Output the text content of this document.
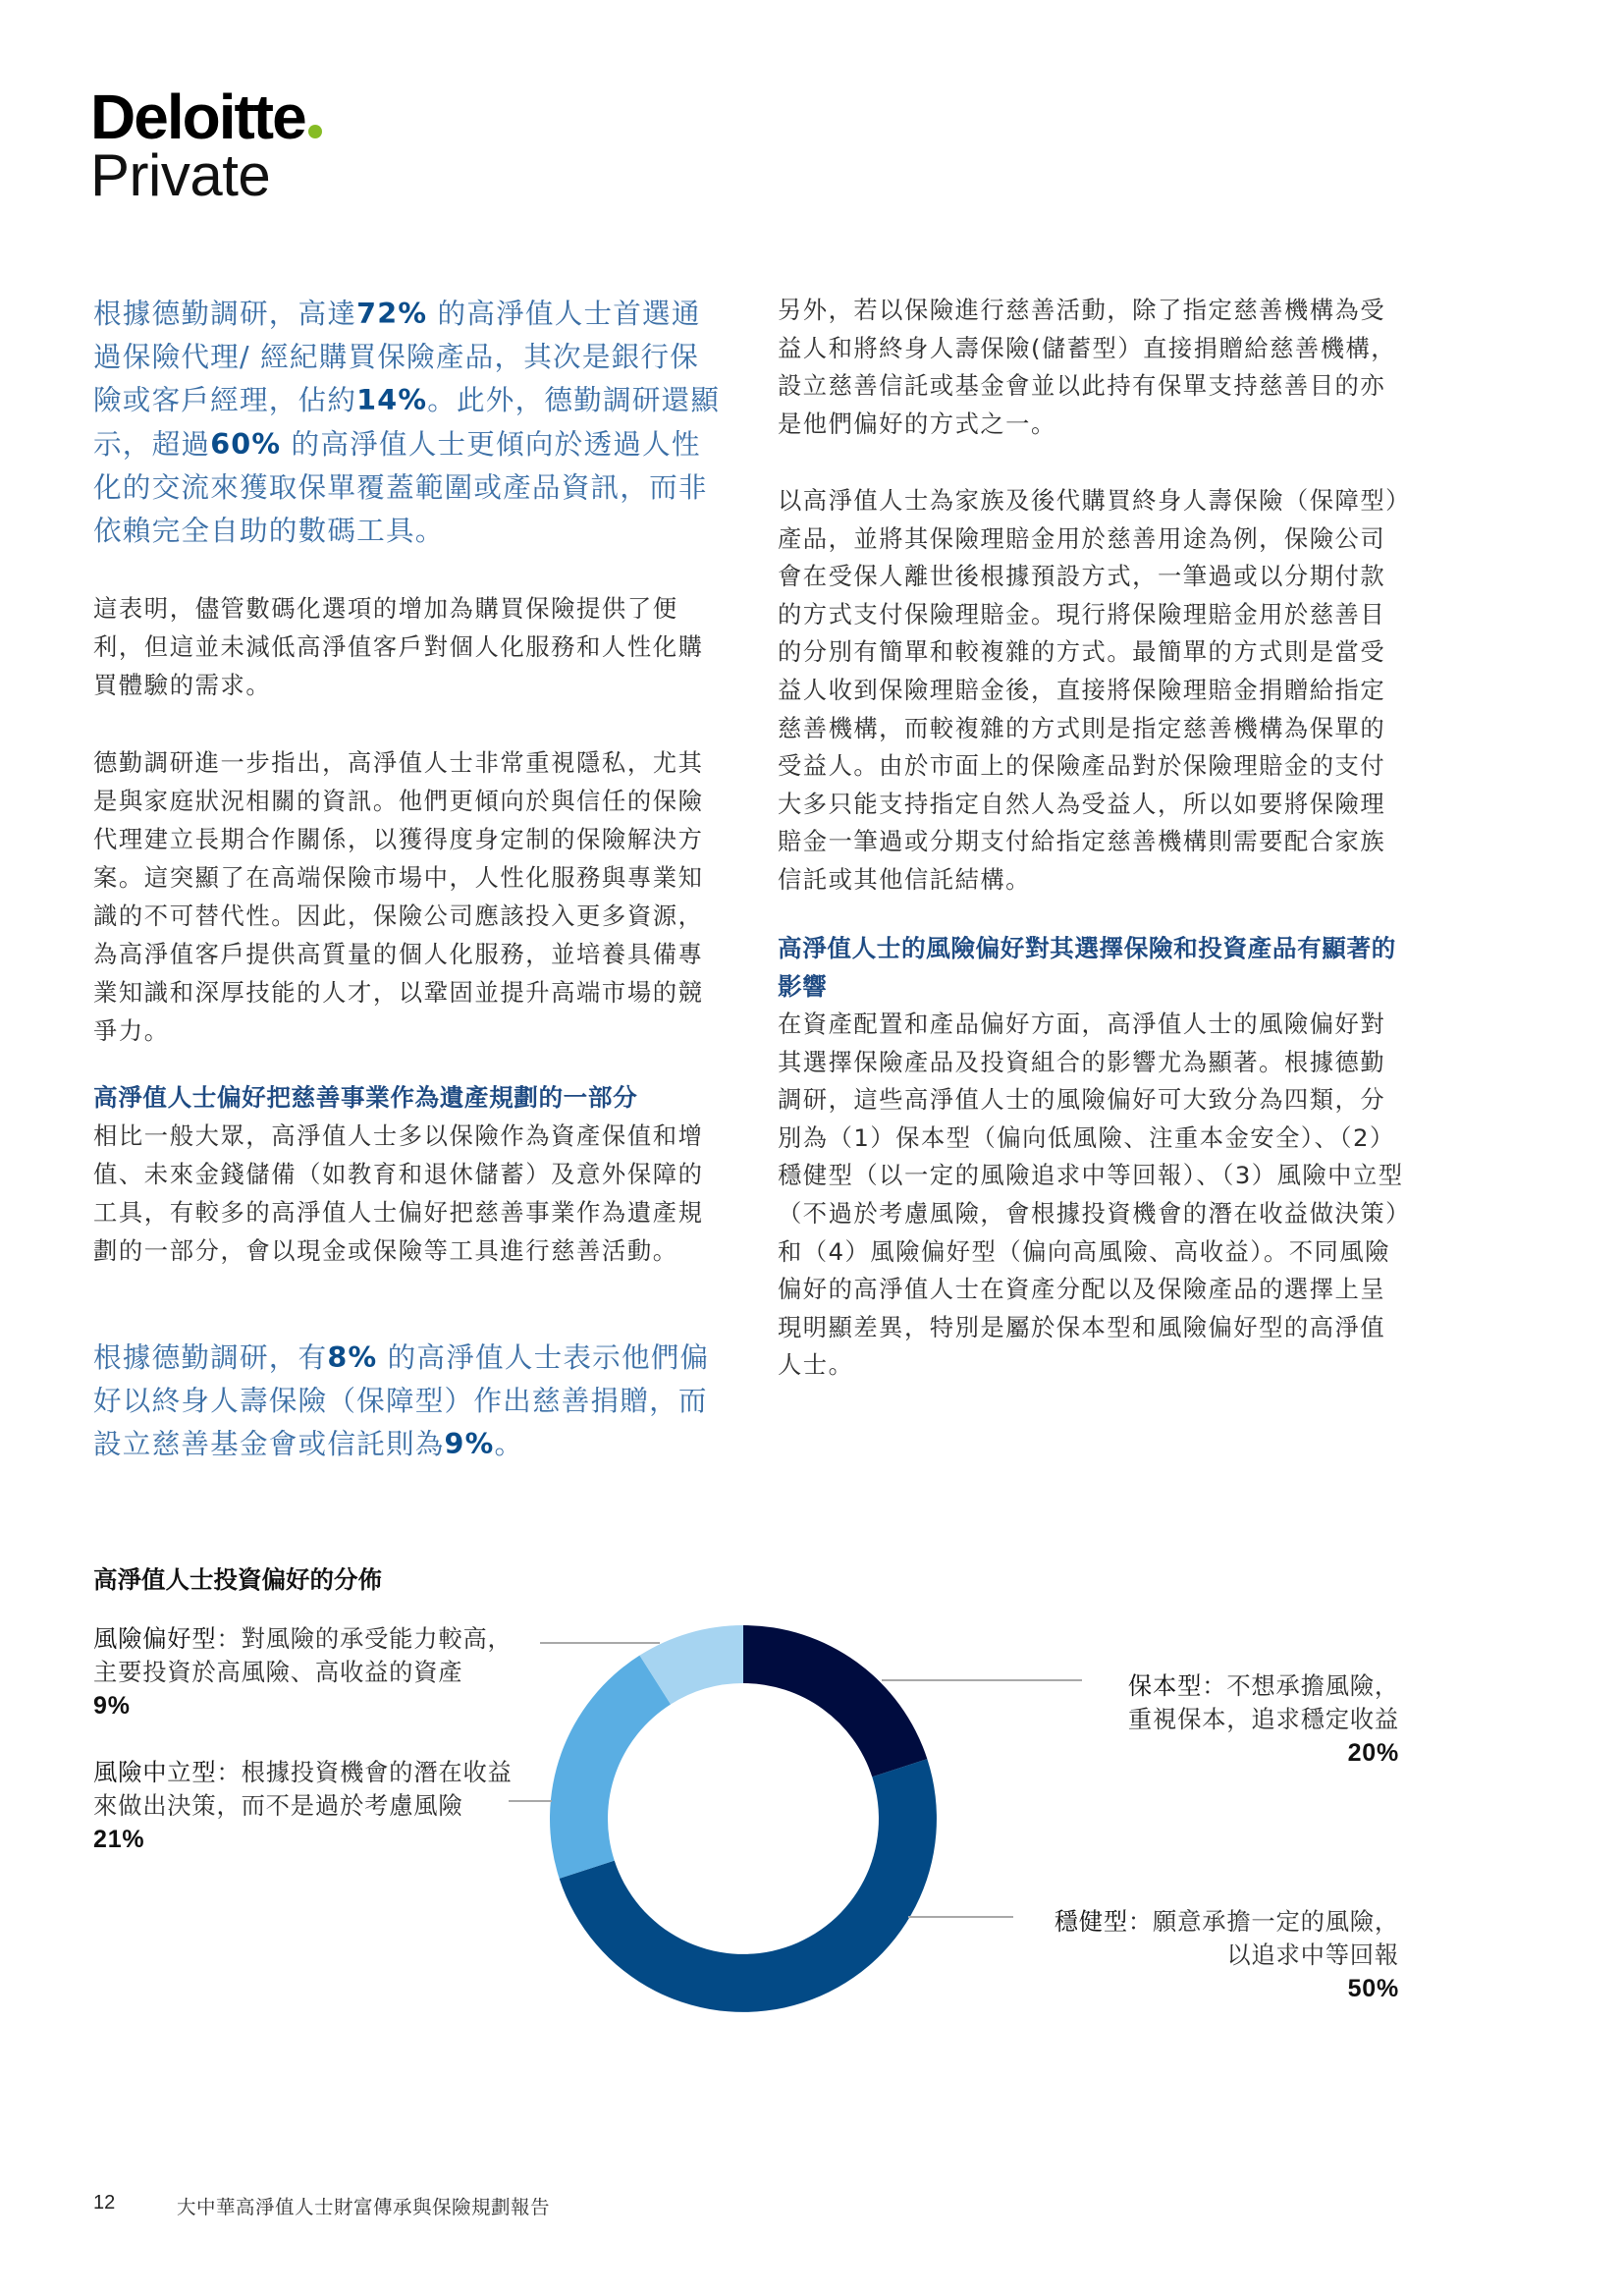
Deloitte
Private

根據德勤調研，高達72% 的高淨值人士首選通過保險代理/ 經紀購買保險產品，其次是銀行保險或客戶經理，佔約14%。此外，德勤調研還顯示，超過60% 的高淨值人士更傾向於透過人性化的交流來獲取保單覆蓋範圍或產品資訊，而非依賴完全自助的數碼工具。

這表明，儘管數碼化選項的增加為購買保險提供了便利，但這並未減低高淨值客戶對個人化服務和人性化購買體驗的需求。

德勤調研進一步指出，高淨值人士非常重視隱私，尤其是與家庭狀況相關的資訊。他們更傾向於與信任的保險代理建立長期合作關係，以獲得度身定制的保險解決方案。這突顯了在高端保險市場中，人性化服務與專業知識的不可替代性。因此，保險公司應該投入更多資源，為高淨值客戶提供高質量的個人化服務，並培養具備專業知識和深厚技能的人才，以鞏固並提升高端市場的競爭力。

高淨值人士偏好把慈善事業作為遺產規劃的一部分

相比一般大眾，高淨值人士多以保險作為資產保值和增值、未來金錢儲備（如教育和退休儲蓄）及意外保障的工具，有較多的高淨值人士偏好把慈善事業作為遺產規劃的一部分，會以現金或保險等工具進行慈善活動。

根據德勤調研，有8% 的高淨值人士表示他們偏好以終身人壽保險（保障型）作出慈善捐贈，而設立慈善基金會或信託則為9%。

另外，若以保險進行慈善活動，除了指定慈善機構為受益人和將終身人壽保險(儲蓄型）直接捐贈給慈善機構，設立慈善信託或基金會並以此持有保單支持慈善目的亦是他們偏好的方式之一。

以高淨值人士為家族及後代購買終身人壽保險（保障型）產品，並將其保險理賠金用於慈善用途為例，保險公司會在受保人離世後根據預設方式，一筆過或以分期付款的方式支付保險理賠金。現行將保險理賠金用於慈善目的分別有簡單和較複雜的方式。最簡單的方式則是當受益人收到保險理賠金後，直接將保險理賠金捐贈給指定慈善機構，而較複雜的方式則是指定慈善機構為保單的受益人。由於市面上的保險產品對於保險理賠金的支付大多只能支持指定自然人為受益人，所以如要將保險理賠金一筆過或分期支付給指定慈善機構則需要配合家族信託或其他信託結構。

高淨值人士的風險偏好對其選擇保險和投資產品有顯著的影響

在資產配置和產品偏好方面，高淨值人士的風險偏好對其選擇保險產品及投資組合的影響尤為顯著。根據德勤調研，這些高淨值人士的風險偏好可大致分為四類，分別為（1）保本型（偏向低風險、注重本金安全）、（2）穩健型（以一定的風險追求中等回報）、（3）風險中立型（不過於考慮風險，會根據投資機會的潛在收益做決策）和（4）風險偏好型（偏向高風險、高收益）。不同風險偏好的高淨值人士在資產分配以及保險產品的選擇上呈現明顯差異，特別是屬於保本型和風險偏好型的高淨值人士。

高淨值人士投資偏好的分佈
風險偏好型：對風險的承受能力較高，
主要投資於高風險、高收益的資產
9%
風險中立型：根據投資機會的潛在收益
來做出決策，而不是過於考慮風險
21%
保本型：不想承擔風險，
重視保本，追求穩定收益
20%
穩健型：願意承擔一定的風險，
以追求中等回報
50%
12	大中華高淨值人士財富傳承與保險規劃報告
